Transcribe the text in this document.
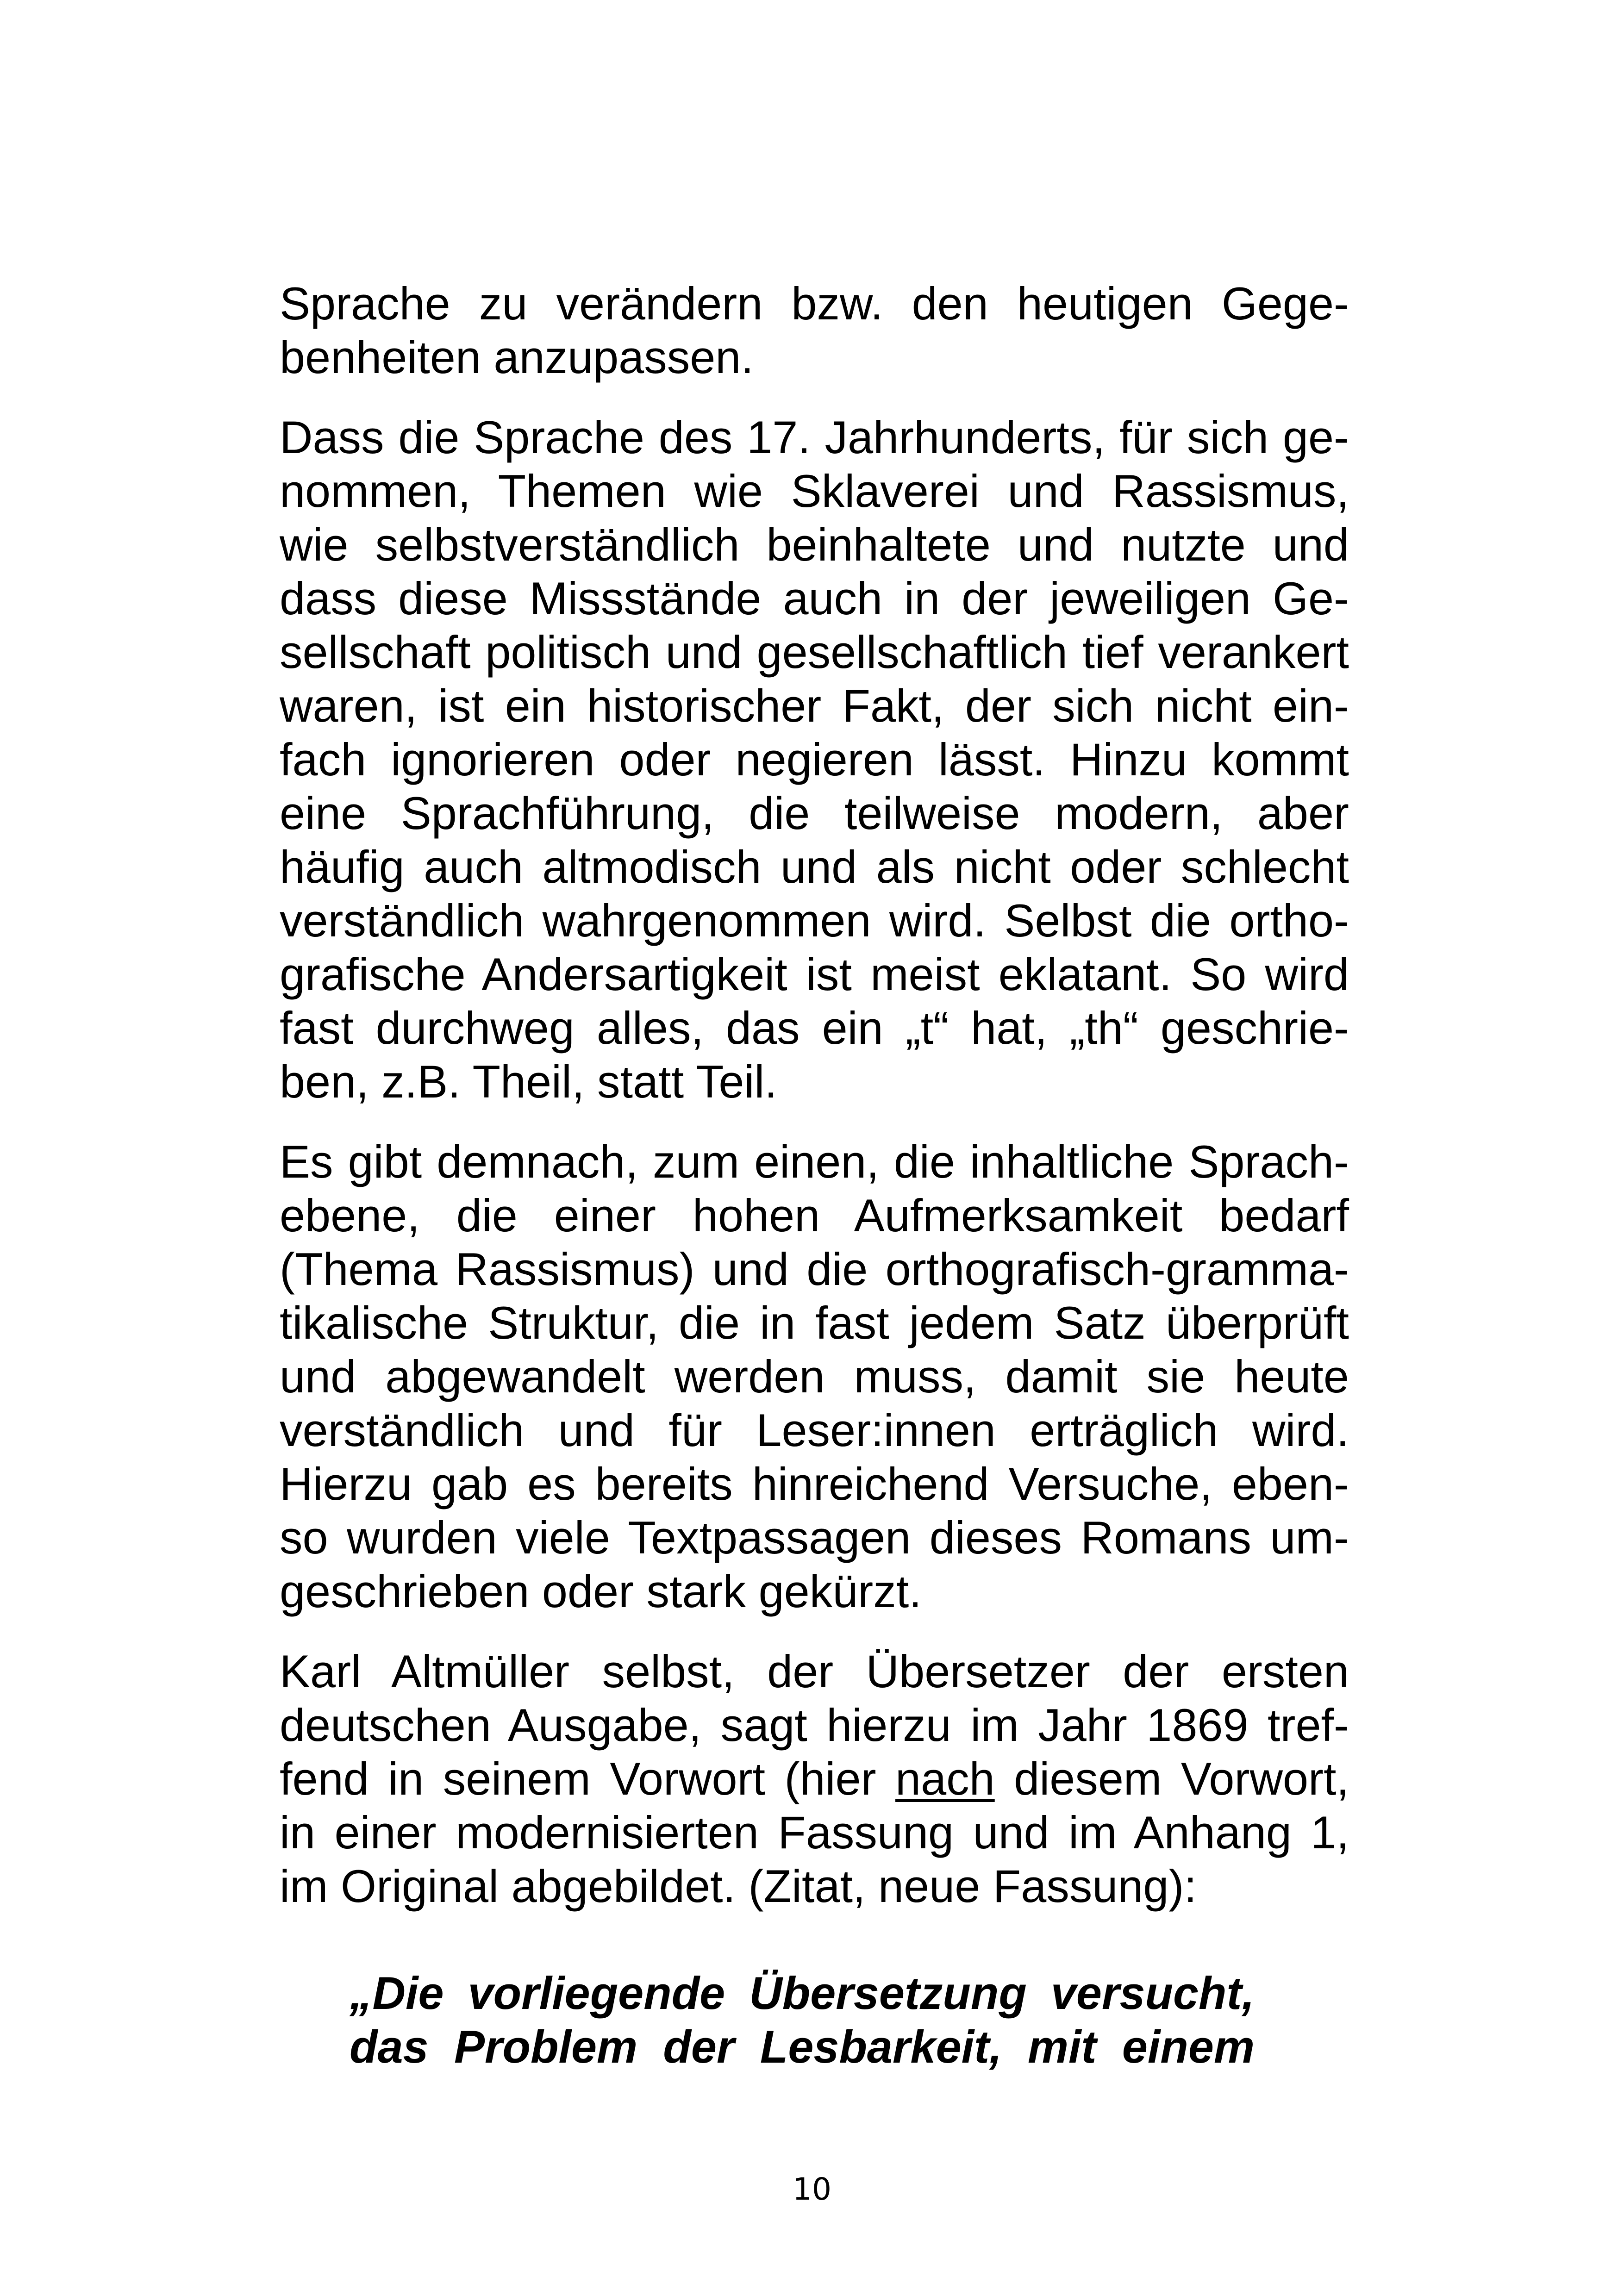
Sprache zu verändern bzw. den heutigen Gege-
benheiten anzupassen.

Dass die Sprache des 17. Jahrhunderts, für sich ge-
nommen, Themen wie Sklaverei und Rassismus,
wie selbstverständlich beinhaltete und nutzte und
dass diese Missstände auch in der jeweiligen Ge-
sellschaft politisch und gesellschaftlich tief verankert
waren, ist ein historischer Fakt, der sich nicht ein-
fach ignorieren oder negieren lässt. Hinzu kommt
eine Sprachführung, die teilweise modern, aber
häufig auch altmodisch und als nicht oder schlecht
verständlich wahrgenommen wird. Selbst die ortho-
grafische Andersartigkeit ist meist eklatant. So wird
fast durchweg alles, das ein „t“ hat, „th“ geschrie-
ben, z.B. Theil, statt Teil.

Es gibt demnach, zum einen, die inhaltliche Sprach-
ebene, die einer hohen Aufmerksamkeit bedarf
(Thema Rassismus) und die orthografisch-gramma-
tikalische Struktur, die in fast jedem Satz überprüft
und abgewandelt werden muss, damit sie heute
verständlich und für Leser:innen erträglich wird.
Hierzu gab es bereits hinreichend Versuche, eben-
so wurden viele Textpassagen dieses Romans um-
geschrieben oder stark gekürzt.

Karl Altmüller selbst, der Übersetzer der ersten
deutschen Ausgabe, sagt hierzu im Jahr 1869 tref-
fend in seinem Vorwort (hier nach diesem Vorwort,
in einer modernisierten Fassung und im Anhang 1,
im Original abgebildet. (Zitat, neue Fassung):

„Die vorliegende Übersetzung versucht,
das Problem der Lesbarkeit, mit einem
10
